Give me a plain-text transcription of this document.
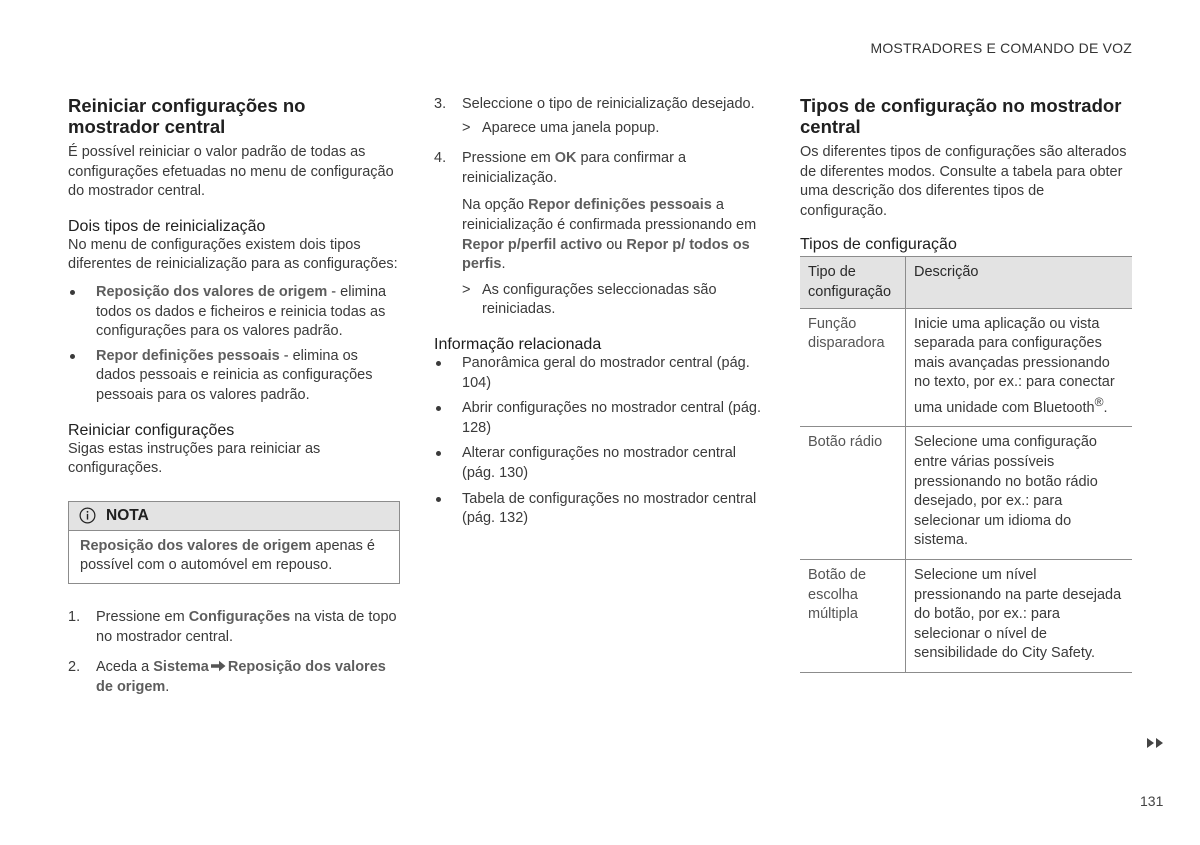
MOSTRADORES E COMANDO DE VOZ
Reiniciar configurações no mostrador central

É possível reiniciar o valor padrão de todas as configurações efetuadas no menu de configuração do mostrador central.

Dois tipos de reinicialização

No menu de configurações existem dois tipos diferentes de reinicialização para as configurações:

Reposição dos valores de origem - elimina todos os dados e ficheiros e reinicia todas as configurações para os valores padrão.
Repor definições pessoais - elimina os dados pessoais e reinicia as configurações pessoais para os valores padrão.
Reiniciar configurações

Sigas estas instruções para reiniciar as configurações.

NOTA

Reposição dos valores de origem apenas é possível com o automóvel em repouso.

1. Pressione em Configurações na vista de topo no mostrador central.
2. Aceda a Sistema Reposição dos valores de origem.
3. Seleccione o tipo de reinicialização desejado.
> Aparece uma janela popup.
4. Pressione em OK para confirmar a reinicialização.

Na opção Repor definições pessoais a reinicialização é confirmada pressionando em Repor p/perfil activo ou Repor p/ todos os perfis.

> As configurações seleccionadas são reiniciadas.
Informação relacionada
Panorâmica geral do mostrador central (pág. 104)
Abrir configurações no mostrador central (pág. 128)
Alterar configurações no mostrador central (pág. 130)
Tabela de configurações no mostrador central (pág. 132)
Tipos de configuração no mostrador central

Os diferentes tipos de configurações são alterados de diferentes modos. Consulte a tabela para obter uma descrição dos diferentes tipos de configuração.

Tipos de configuração
Tipo de configuração	Descrição
Função disparadora	Inicie uma aplicação ou vista separada para configurações mais avançadas pressionando no texto, por ex.: para conectar uma unidade com Bluetooth®.
Botão rádio	Selecione uma configuração entre várias possíveis pressionando no botão rádio desejado, por ex.: para selecionar um idioma do sistema.
Botão de escolha múltipla	Selecione um nível pressionando na parte desejada do botão, por ex.: para selecionar o nível de sensibilidade do City Safety.
131
